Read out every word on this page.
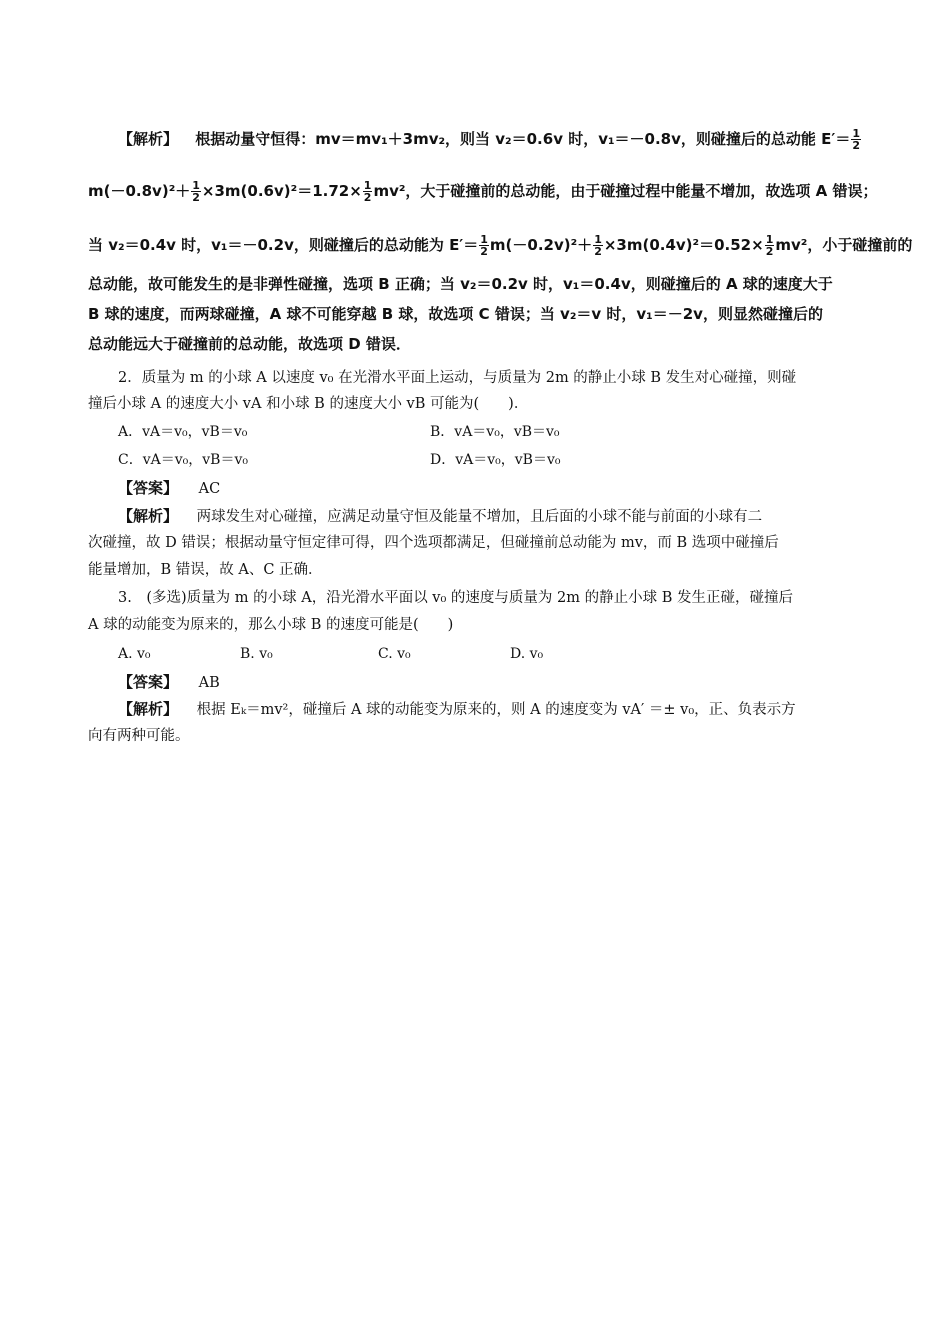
【解析】 根据动量守恒得：mv＝mv₁＋3mv₂，则当 v₂＝0.6v 时，v₁＝－0.8v，则碰撞后的总动能 $E'= \frac{1}{2}$
$m(-0.8v)^2+ \frac{1}{2} \times 3m(0.6v)^2=1.72\times \frac{1}{2} mv^2$，大于碰撞前的总动能，由于碰撞过程中能量不增加，故选项 A 错误；
当 v₂＝0.4v 时，v₁＝－0.2v，则碰撞后的总动能为 $E'= \frac{1}{2} m(-0.2v)^2+ \frac{1}{2} \times 3m(0.4v)^2=0.52\times \frac{1}{2} mv^2$，小于碰撞前的
总动能，故可能发生的是非弹性碰撞，选项 B 正确；当 v₂＝0.2v 时，v₁＝0.4v，则碰撞后的 A 球的速度大于
B 球的速度，而两球碰撞，A 球不可能穿越 B 球，故选项 C 错误；当 v₂＝v 时，v₁＝－2v，则显然碰撞后的
总动能远大于碰撞前的总动能，故选项 D 错误．
2．质量为 m 的小球 A 以速度 v₀ 在光滑水平面上运动，与质量为 2m 的静止小球 B 发生对心碰撞，则碰
撞后小球 A 的速度大小 vA 和小球 B 的速度大小 vB 可能为(　　)．
A．vA＝v₀，vB＝v₀	B．vA＝v₀，vB＝v₀
C．vA＝v₀，vB＝v₀	D．vA＝v₀，vB＝v₀
【答案】 AC
【解析】 两球发生对心碰撞，应满足动量守恒及能量不增加，且后面的小球不能与前面的小球有二
次碰撞，故 D 错误；根据动量守恒定律可得，四个选项都满足，但碰撞前总动能为 mv，而 B 选项中碰撞后
能量增加，B 错误，故 A、C 正确．
3.　(多选)质量为 m 的小球 A，沿光滑水平面以 v₀ 的速度与质量为 2m 的静止小球 B 发生正碰，碰撞后
A 球的动能变为原来的，那么小球 B 的速度可能是(　　)
A. v₀	B. v₀	C. v₀	D. v₀
【答案】 AB
【解析】 根据 Eₖ＝mv²，碰撞后 A 球的动能变为原来的，则 A 的速度变为 vA′ ＝± v₀，正、负表示方
向有两种可能。
